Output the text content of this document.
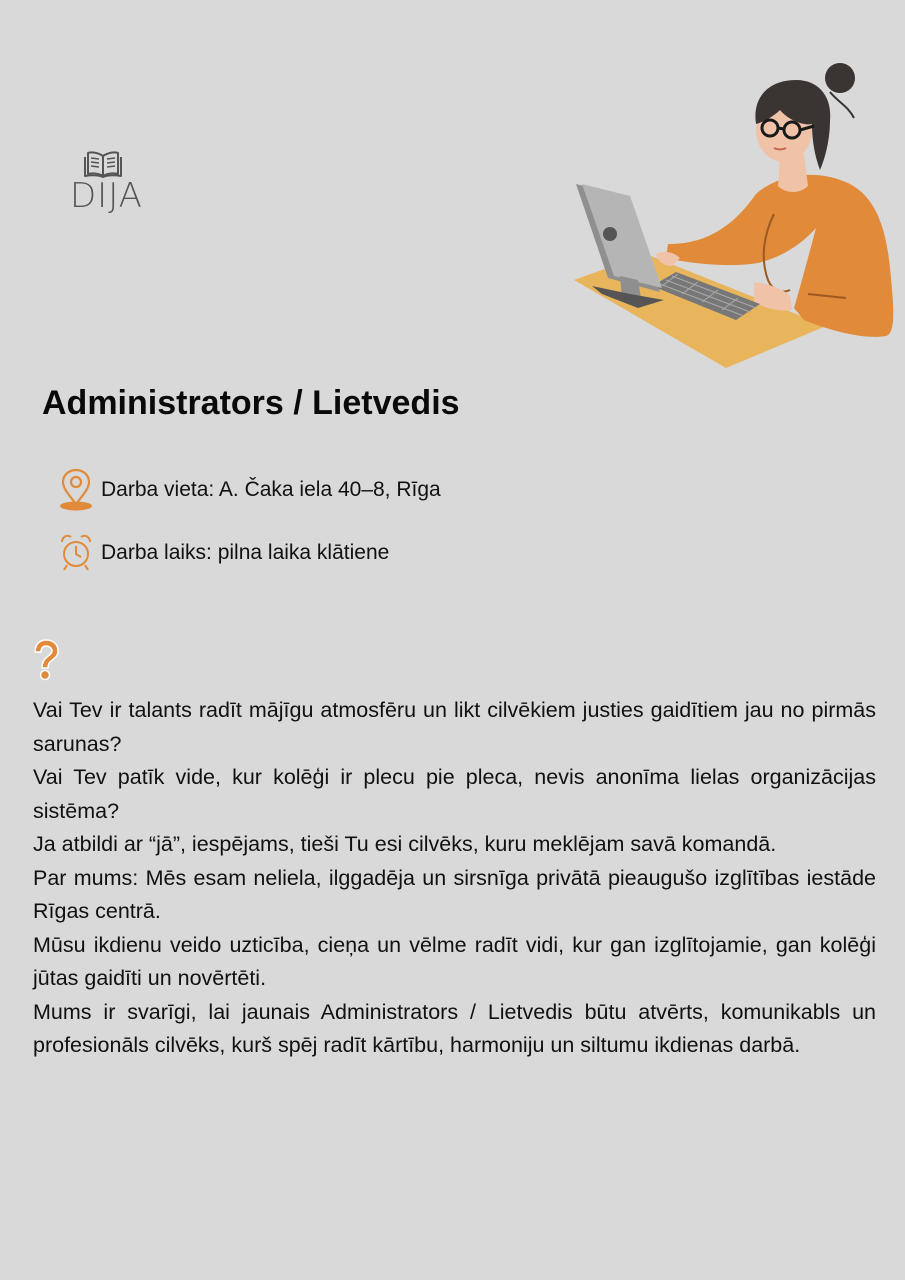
DIJA
Administrators / Lietvedis
Darba vieta: A. Čaka iela 40–8, Rīga
Darba laiks: pilna laika klātiene

Vai Tev ir talants radīt mājīgu atmosfēru un likt cilvēkiem justies gaidītiem jau no pirmās sarunas?

Vai Tev patīk vide, kur kolēģi ir plecu pie pleca, nevis anonīma lielas organizācijas sistēma?

Ja atbildi ar “jā”, iespējams, tieši Tu esi cilvēks, kuru meklējam savā komandā.

Par mums: Mēs esam neliela, ilggadēja un sirsnīga privātā pieaugušo izglītības iestāde Rīgas centrā.

Mūsu ikdienu veido uzticība, cieņa un vēlme radīt vidi, kur gan izglītojamie, gan kolēģi jūtas gaidīti un novērtēti.

Mums ir svarīgi, lai jaunais Administrators / Lietvedis būtu atvērts, komunikabls un profesionāls cilvēks, kurš spēj radīt kārtību, harmoniju un siltumu ikdienas darbā.
